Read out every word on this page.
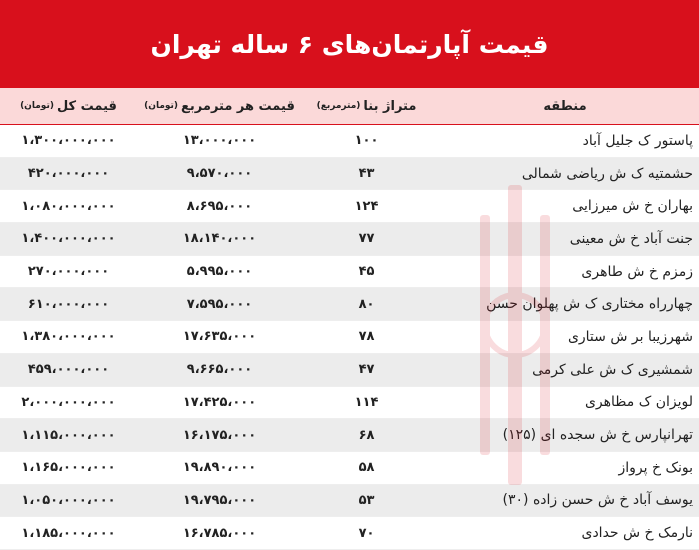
قیمت آپارتمان‌های ۶ ساله تهران
منطقه
متراژ بنا
(مترمربع)
قیمت هر مترمربع
(تومان)
قیمت کل
(تومان)
پاستور ک جلیل آباد
۱۰۰
۱۳،۰۰۰،۰۰۰
۱،۳۰۰،۰۰۰،۰۰۰
حشمتیه ک ش ریاضی شمالی
۴۳
۹،۵۷۰،۰۰۰
۴۲۰،۰۰۰،۰۰۰
بهاران خ ش میرزایی
۱۲۴
۸،۶۹۵،۰۰۰
۱،۰۸۰،۰۰۰،۰۰۰
جنت آباد خ ش معینی
۷۷
۱۸،۱۴۰،۰۰۰
۱،۴۰۰،۰۰۰،۰۰۰
زمزم خ ش طاهری
۴۵
۵،۹۹۵،۰۰۰
۲۷۰،۰۰۰،۰۰۰
چهارراه مختاری ک ش پهلوان حسن
۸۰
۷،۵۹۵،۰۰۰
۶۱۰،۰۰۰،۰۰۰
شهرزیبا بر ش ستاری
۷۸
۱۷،۶۳۵،۰۰۰
۱،۳۸۰،۰۰۰،۰۰۰
شمشیری ک ش علی کرمی
۴۷
۹،۶۶۵،۰۰۰
۴۵۹،۰۰۰،۰۰۰
لویزان ک مظاهری
۱۱۴
۱۷،۴۲۵،۰۰۰
۲،۰۰۰،۰۰۰،۰۰۰
تهرانپارس خ ش سجده ای (۱۲۵)
۶۸
۱۶،۱۷۵،۰۰۰
۱،۱۱۵،۰۰۰،۰۰۰
بونک خ پرواز
۵۸
۱۹،۸۹۰،۰۰۰
۱،۱۶۵،۰۰۰،۰۰۰
یوسف آباد خ ش حسن زاده (۳۰)
۵۳
۱۹،۷۹۵،۰۰۰
۱،۰۵۰،۰۰۰،۰۰۰
نارمک خ ش حدادی
۷۰
۱۶،۷۸۵،۰۰۰
۱،۱۸۵،۰۰۰،۰۰۰
